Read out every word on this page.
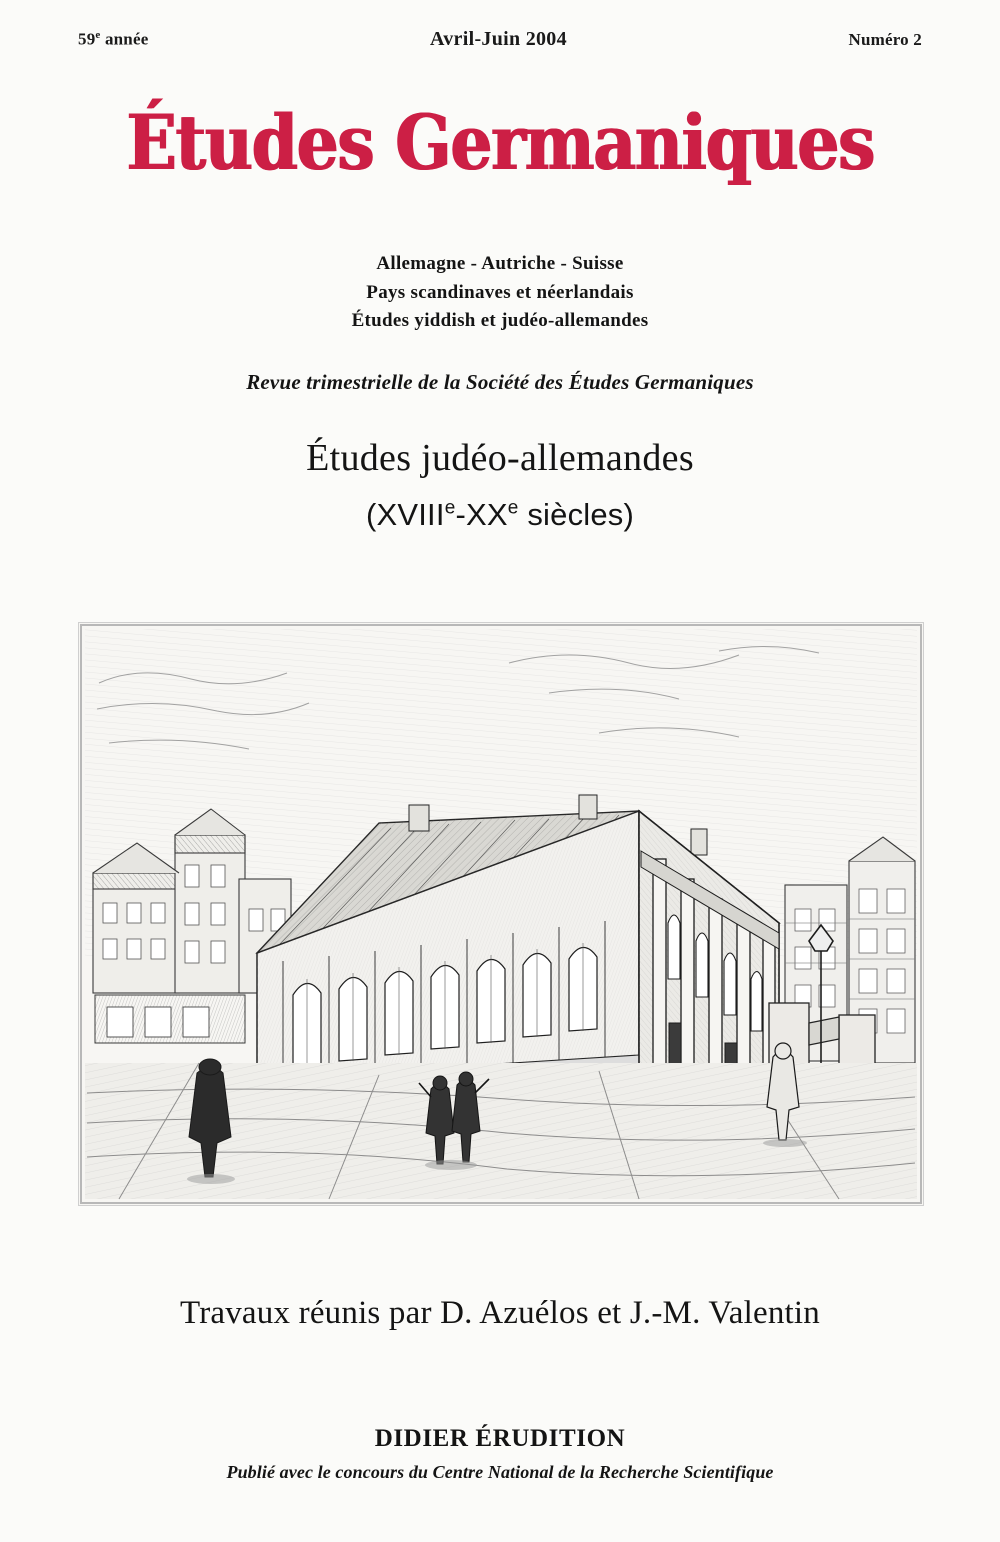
59e année	Avril-Juin 2004	Numéro 2
Études Germaniques
Allemagne - Autriche - Suisse
Pays scandinaves et néerlandais
Études yiddish et judéo-allemandes
Revue trimestrielle de la Société des Études Germaniques
Études judéo-allemandes
(XVIIIe-XXe siècles)
Travaux réunis par D. Azuélos et J.-M. Valentin
DIDIER ÉRUDITION
Publié avec le concours du Centre National de la Recherche Scientifique
